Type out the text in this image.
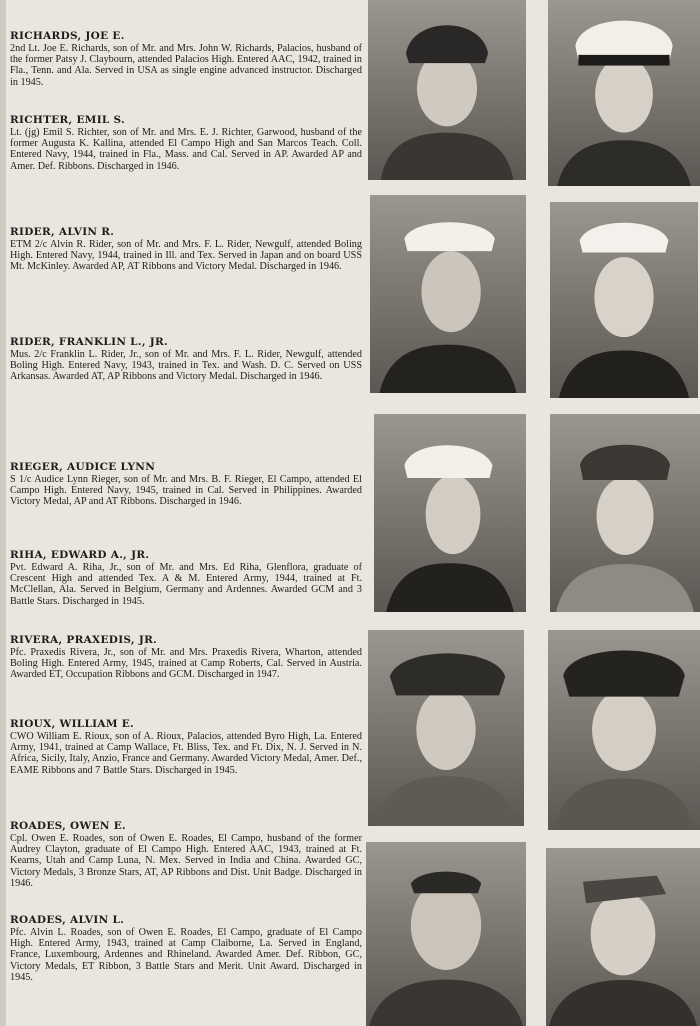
RICHARDS, JOE E.

2nd Lt. Joe E. Richards, son of Mr. and Mrs. John W. Richards, Palacios, husband of the former Patsy J. Claybourn, attended Palacios High. Entered AAC, 1942, trained in Fla., Tenn. and Ala. Served in USA as single engine advanced instructor. Discharged in 1945.

RICHTER, EMIL S.

Lt. (jg) Emil S. Richter, son of Mr. and Mrs. E. J. Richter, Garwood, husband of the former Augusta K. Kallina, attended El Campo High and San Marcos Teach. Coll. Entered Navy, 1944, trained in Fla., Mass. and Cal. Served in AP. Awarded AP and Amer. Def. Ribbons. Discharged in 1946.

RIDER, ALVIN R.

ETM 2/c Alvin R. Rider, son of Mr. and Mrs. F. L. Rider, Newgulf, attended Boling High. Entered Navy, 1944, trained in Ill. and Tex. Served in Japan and on board USS Mt. McKinley. Awarded AP, AT Ribbons and Victory Medal. Discharged in 1946.

RIDER, FRANKLIN L., JR.

Mus. 2/c Franklin L. Rider, Jr., son of Mr. and Mrs. F. L. Rider, Newgulf, attended Boling High. Entered Navy, 1943, trained in Tex. and Wash. D. C. Served on USS Arkansas. Awarded AT, AP Ribbons and Victory Medal. Discharged in 1946.

RIEGER, AUDICE LYNN

S 1/c Audice Lynn Rieger, son of Mr. and Mrs. B. F. Rieger, El Campo, attended El Campo High. Entered Navy, 1945, trained in Cal. Served in Philippines. Awarded Victory Medal, AP and AT Ribbons. Discharged in 1946.

RIHA, EDWARD A., JR.

Pvt. Edward A. Riha, Jr., son of Mr. and Mrs. Ed Riha, Glenflora, graduate of Crescent High and attended Tex. A & M. Entered Army, 1944, trained at Ft. McClellan, Ala. Served in Belgium, Germany and Ardennes. Awarded GCM and 3 Battle Stars. Discharged in 1945.

RIVERA, PRAXEDIS, JR.

Pfc. Praxedis Rivera, Jr., son of Mr. and Mrs. Praxedis Rivera, Wharton, attended Boling High. Entered Army, 1945, trained at Camp Roberts, Cal. Served in Austria. Awarded ET, Occupation Ribbons and GCM. Discharged in 1947.

RIOUX, WILLIAM E.

CWO William E. Rioux, son of A. Rioux, Palacios, attended Byro High, La. Entered Army, 1941, trained at Camp Wallace, Ft. Bliss, Tex. and Ft. Dix, N. J. Served in N. Africa, Sicily, Italy, Anzio, France and Germany. Awarded Victory Medal, Amer. Def., EAME Ribbons and 7 Battle Stars. Discharged in 1945.

ROADES, OWEN E.

Cpl. Owen E. Roades, son of Owen E. Roades, El Campo, husband of the former Audrey Clayton, graduate of El Campo High. Entered AAC, 1943, trained at Ft. Kearns, Utah and Camp Luna, N. Mex. Served in India and China. Awarded GC, Victory Medals, 3 Bronze Stars, AT, AP Ribbons and Dist. Unit Badge. Discharged in 1946.

ROADES, ALVIN L.

Pfc. Alvin L. Roades, son of Owen E. Roades, El Campo, graduate of El Campo High. Entered Army, 1943, trained at Camp Claiborne, La. Served in England, France, Luxembourg, Ardennes and Rhineland. Awarded Amer. Def. Ribbon, GC, Victory Medals, ET Ribbon, 3 Battle Stars and Merit. Unit Award. Discharged in 1945.
